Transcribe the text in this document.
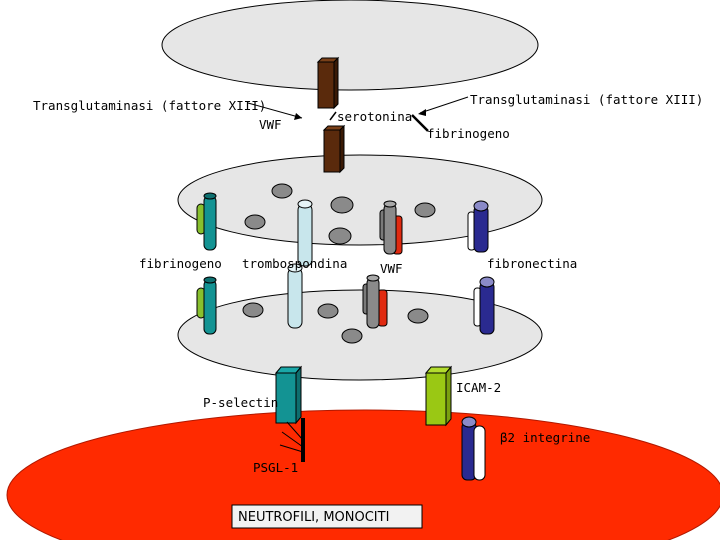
Transglutaminasi (fattore XIII)	Transglutaminasi (fattore XIII)
VWF
serotonina
fibrinogeno
fibrinogeno trombospondina	VWF	fibronectina
P-selectin
ICAM-2
β2 integrine
PSGL-1
NEUTROFILI, MONOCITI
